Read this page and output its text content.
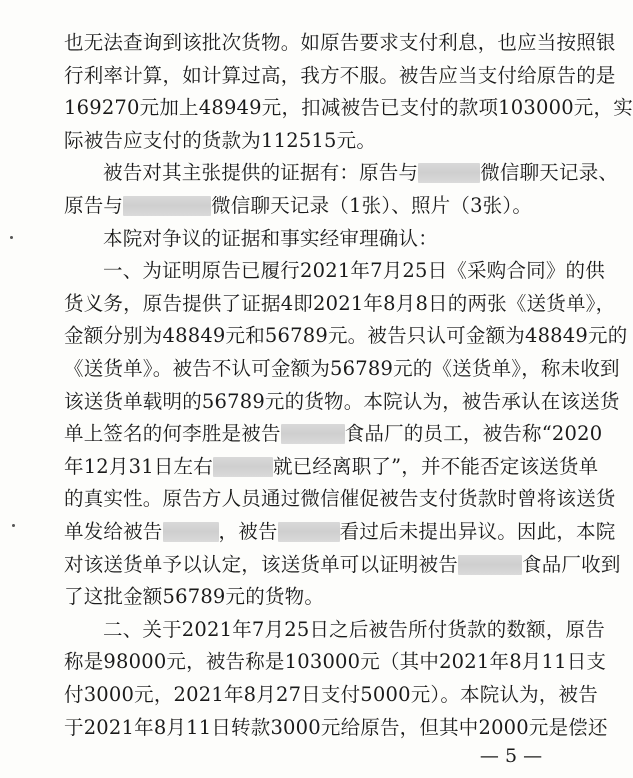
也无法查询到该批次货物。如原告要求支付利息，也应当按照银
行利率计算，如计算过高，我方不服。被告应当支付给原告的是
169270元加上48949元，扣减被告已支付的款项103000元，实
际被告应支付的货款为112515元。
被告对其主张提供的证据有：原告与	微信聊天记录、
原告与	微信聊天记录（1张）、照片（3张）。
本院对争议的证据和事实经审理确认：
一、为证明原告已履行2021年7月25日《采购合同》的供
货义务，原告提供了证据4即2021年8月8日的两张《送货单》，
金额分别为48849元和56789元。被告只认可金额为48849元的
《送货单》。被告不认可金额为56789元的《送货单》，称未收到
该送货单载明的56789元的货物。本院认为，被告承认在该送货
单上签名的何李胜是被告	食品厂的员工，被告称“2020
年12月31日左右	就已经离职了”，并不能否定该送货单
的真实性。原告方人员通过微信催促被告支付货款时曾将该送货
单发给被告	，被告	看过后未提出异议。因此，本院
对该送货单予以认定，该送货单可以证明被告	食品厂收到
了这批金额56789元的货物。
二、关于2021年7月25日之后被告所付货款的数额，原告
称是98000元，被告称是103000元（其中2021年8月11日支
付3000元，2021年8月27日支付5000元）。本院认为，被告
于2021年8月11日转款3000元给原告，但其中2000元是偿还
— 5 —
